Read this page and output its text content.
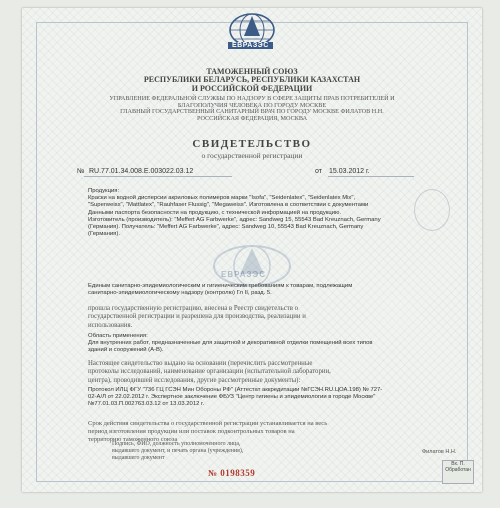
ЕВРАЗЭС
ТАМОЖЕННЫЙ СОЮЗ
РЕСПУБЛИКИ БЕЛАРУСЬ, РЕСПУБЛИКИ КАЗАХСТАН
И РОССИЙСКОЙ ФЕДЕРАЦИИ
УПРАВЛЕНИЕ ФЕДЕРАЛЬНОЙ СЛУЖБЫ ПО НАДЗОРУ В СФЕРЕ ЗАЩИТЫ ПРАВ ПОТРЕБИТЕЛЕЙ И
БЛАГОПОЛУЧИЯ ЧЕЛОВЕКА ПО ГОРОДУ МОСКВЕ
ГЛАВНЫЙ ГОСУДАРСТВЕННЫЙ САНИТАРНЫЙ ВРАЧ ПО ГОРОДУ МОСКВЕ ФИЛАТОВ Н.Н.
РОССИЙСКАЯ ФЕДЕРАЦИЯ, МОСКВА
СВИДЕТЕЛЬСТВО
о государственной регистрации
№ RU.77.01.34.008.Е.003022.03.12	от 15.03.2012 г.
Продукция:
Краски на водной дисперсии акриловых полимеров марки "Isofa", "Seidenlatex", "Seidenlatex Mix",
"Superweiss", "Mattlatex", "Rauhfaser Flussig", "Megaweiss". Изготовлена в соответствии с документами
Данными паспорта безопасности на продукцию, с технической информацией на продукцию.
Изготовитель (производитель): "Meffert AG Farbwerke", адрес: Sandweg 15, 55543 Bad Kreuznach, Germany
(Германия). Получатель: "Meffert AG Farbwerke", адрес: Sandweg 10, 55543 Bad Kreuznach, Germany
(Германия).
ЕВРАЗЭС
Единым санитарно-эпидемиологическим и гигиеническим требованиям к товарам, подлежащим
санитарно-эпидемиологическому надзору (контролю) Гл II, разд. 5.
прошла государственную регистрацию, внесена в Реестр свидетельств о
государственной регистрации и разрешена для производства, реализации и
использования.
Область применения:
Для внутренних работ, предназначенные для защитной и декоративной отделки помещений всех типов
зданий и сооружений (А-В).
Настоящее свидетельство выдано на основании (перечислить рассмотренные
протоколы исследований, наименование организации (испытательной лаборатории,
центра), проводившей исследования, другие рассмотренные документы):
Протокол ИЛЦ ФГУ "736 ГЦ ГСЭН Мин Обороны РФ" (Аттестат аккредитации №ГСЭН.RU.ЦОА.198) № 727-
02-А/Л от 22.02.2012 г. Экспертное заключение ФБУЗ "Центр гигиены и эпидемиологии в городе Москве"
№77.01.03.П.002763.03.12 от 13.03.2012 г.
Срок действия свидетельства о государственной регистрации устанавливается на весь
период изготовления продукции или поставок подконтрольных товаров на
территорию таможенного союза
Подпись, ФИО, должность уполномоченного лица,
выдавшего документ, и печать органа (учреждения),
выдавшего документ
Филатов Н.Н.
№ 0198359
Вх. П.
Обработан
